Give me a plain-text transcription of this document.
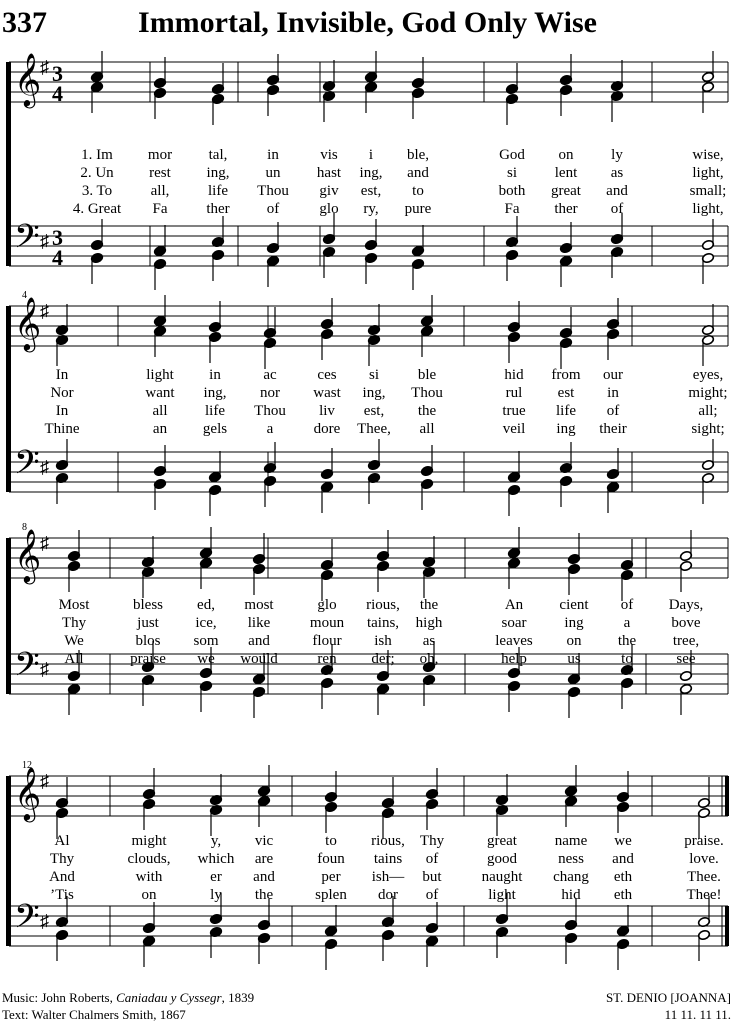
337	Immortal, Invisible, God Only Wise
𝄞
𝄢
♯
♯
3
4
3
4
1. Im mor tal,	in	vis i ble,	God on	ly	wise,
2. Un rest ing, un hast ing, and	si	lent as	light,
3. To	all,	life Thou giv est, to	both great and	small;
4. Great Fa	ther of	glo ry, pure	Fa ther of	light,
𝄞
𝄢
♯
♯
4
In	light in	ac	ces si	ble	hid from our	eyes,
Nor	want ing, nor wast ing, Thou	rul est in	might;
In	all	life Thou liv est, the	true life of	all;
Thine	an gels	a	dore Thee, all	veil ing their	sight;
𝄞
𝄢
♯
♯
8
Most	bless ed, most	glo rious, the	An cient of Days,
Thy	just ice, like	moun tains, high	soar	ing	a	bove
We	blos som and	flour ish as	leaves on the tree,
All	praise we would	ren der; oh,	help	us	to	see
𝄞
𝄢
♯
♯
12
Al	might	y, vic	to rious, Thy	great	name we	praise.
Thy	clouds, which are	foun tains of	good	ness and	love.
And	with	er and	per ish— but	naught chang eth	Thee.
’Tis	on	ly the	splen dor of	light	hid eth	Thee!
Music: John Roberts, Caniadau y Cyssegr, 1839
Text: Walter Chalmers Smith, 1867
ST. DENIO [JOANNA]
11 11. 11 11.
